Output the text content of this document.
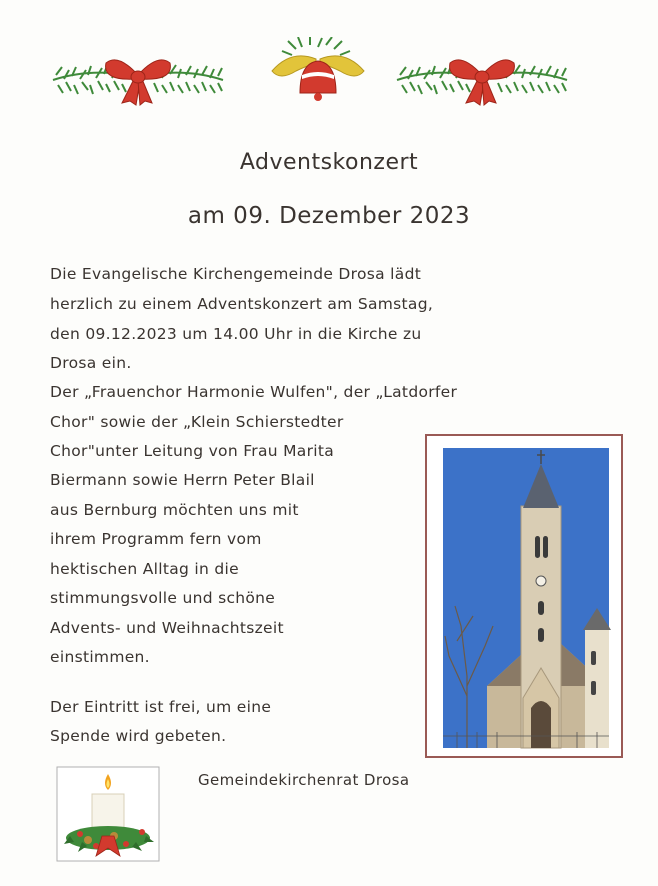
Adventskonzert
am 09. Dezember 2023
Die Evangelische Kirchengemeinde Drosa lädt
herzlich zu einem Adventskonzert am Samstag,
den 09.12.2023 um 14.00 Uhr in die Kirche zu
Drosa ein.
Der „Frauenchor Harmonie Wulfen", der „Latdorfer
Chor" sowie der „Klein Schierstedter
Chor"unter Leitung von Frau Marita
Biermann sowie Herrn Peter Blail
aus Bernburg möchten uns mit
ihrem Programm fern vom
hektischen Alltag in die
stimmungsvolle und schöne
Advents- und Weihnachtszeit
einstimmen.
Der Eintritt ist frei, um eine
Spende wird gebeten.
Gemeindekirchenrat Drosa
